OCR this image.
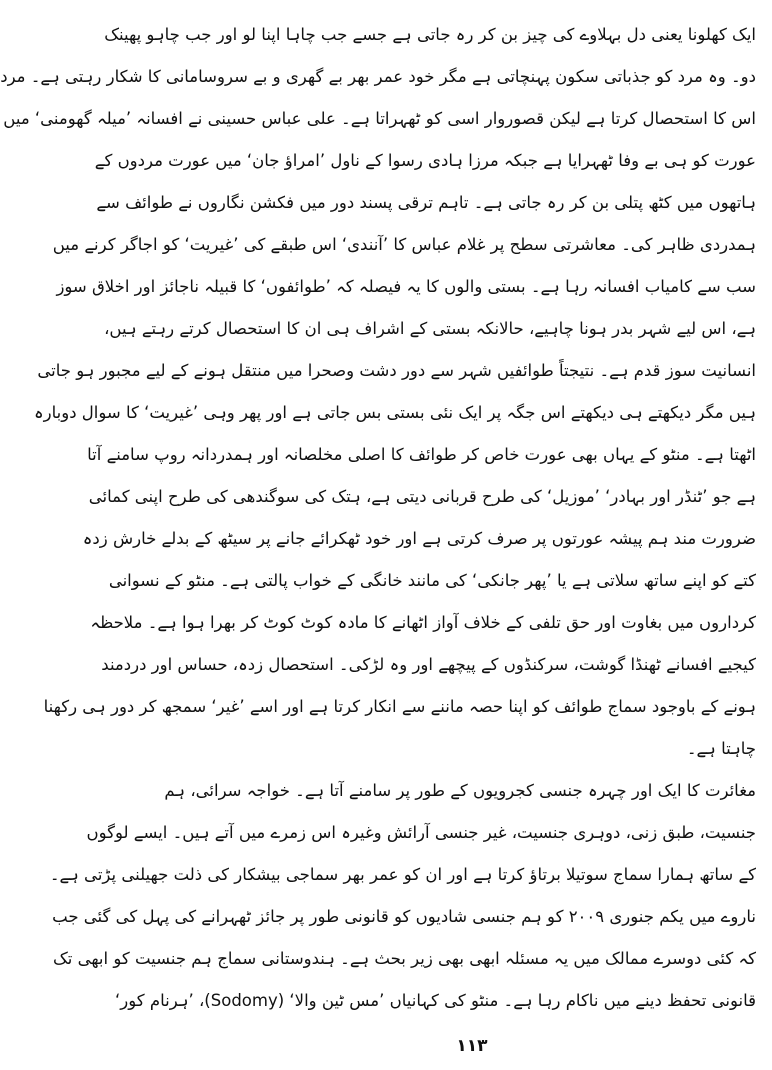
ایک کھلونا یعنی دل بہلاوے کی چیز بن کر رہ جاتی ہے جسے جب چاہا اپنا لو اور جب چاہو پھینک
دو۔ وہ مرد کو جذباتی سکون پہنچاتی ہے مگر خود عمر بھر بے گھری و بے سروسامانی کا شکار رہتی ہے۔ مرد
اس کا استحصال کرتا ہے لیکن قصوروار اسی کو ٹھہراتا ہے۔ علی عباس حسینی نے افسانہ ’میلہ گھومنی‘ میں
عورت کو ہی بے وفا ٹھہرایا ہے جبکہ مرزا ہادی رسوا کے ناول ’امراؤ جان‘ میں عورت مردوں کے
ہاتھوں میں کٹھ پتلی بن کر رہ جاتی ہے۔ تاہم ترقی پسند دور میں فکشن نگاروں نے طوائف سے
ہمدردی ظاہر کی۔ معاشرتی سطح پر غلام عباس کا ’آنندی‘ اس طبقے کی ’غیریت‘ کو اجاگر کرنے میں
سب سے کامیاب افسانہ رہا ہے۔ بستی والوں کا یہ فیصلہ کہ ’طوائفوں‘ کا قبیلہ ناجائز اور اخلاق سوز
ہے، اس لیے شہر بدر ہونا چاہیے، حالانکہ بستی کے اشراف ہی ان کا استحصال کرتے رہتے ہیں،
انسانیت سوز قدم ہے۔ نتیجتاً طوائفیں شہر سے دور دشت وصحرا میں منتقل ہونے کے لیے مجبور ہو جاتی
ہیں مگر دیکھتے ہی دیکھتے اس جگہ پر ایک نئی بستی بس جاتی ہے اور پھر وہی ’غیریت‘ کا سوال دوبارہ
اٹھتا ہے۔ منٹو کے یہاں بھی عورت خاص کر طوائف کا اصلی مخلصانہ اور ہمدردانہ روپ سامنے آتا
ہے جو ’ٹنڈر اور بہادر‘ ’موزیل‘ کی طرح قربانی دیتی ہے، ہتک کی سوگندھی کی طرح اپنی کمائی
ضرورت مند ہم پیشہ عورتوں پر صرف کرتی ہے اور خود ٹھکرائے جانے پر سیٹھ کے بدلے خارش زدہ
کتے کو اپنے ساتھ سلاتی ہے یا ’پھر جانکی‘ کی مانند خانگی کے خواب پالتی ہے۔ منٹو کے نسوانی
کرداروں میں بغاوت اور حق تلفی کے خلاف آواز اٹھانے کا مادہ کوٹ کوٹ کر بھرا ہوا ہے۔ ملاحظہ
کیجیے افسانے ٹھنڈا گوشت، سرکنڈوں کے پیچھے اور وہ لڑکی۔ استحصال زدہ، حساس اور دردمند
ہونے کے باوجود سماج طوائف کو اپنا حصہ ماننے سے انکار کرتا ہے اور اسے ’غیر‘ سمجھ کر دور ہی رکھنا
چاہتا ہے۔

مغائرت کا ایک اور چہرہ جنسی کجرویوں کے طور پر سامنے آتا ہے۔ خواجہ سرائی، ہم
جنسیت، طبق زنی، دوہری جنسیت، غیر جنسی آرائش وغیرہ اس زمرے میں آتے ہیں۔ ایسے لوگوں
کے ساتھ ہمارا سماج سوتیلا برتاؤ کرتا ہے اور ان کو عمر بھر سماجی بیشکار کی ذلت جھیلنی پڑتی ہے۔
ناروے میں یکم جنوری ۲۰۰۹ کو ہم جنسی شادیوں کو قانونی طور پر جائز ٹھہرانے کی پہل کی گئی جب
کہ کئی دوسرے ممالک میں یہ مسئلہ ابھی بھی زیر بحث ہے۔ ہندوستانی سماج ہم جنسیت کو ابھی تک
قانونی تحفظ دینے میں ناکام رہا ہے۔ منٹو کی کہانیاں ’مس ٹین والا‘ (Sodomy)، ’ہرنام کور‘

۱۱۳
